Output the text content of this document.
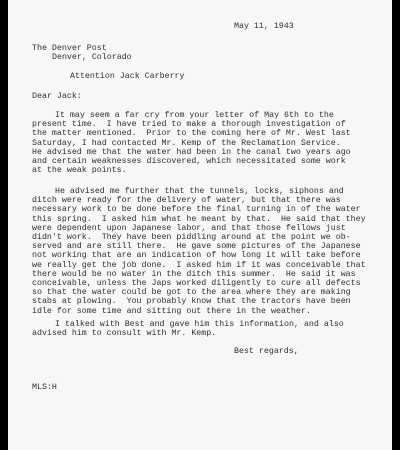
May 11, 1943

The Denver Post
Denver, Colorado

Attention Jack Carberry

Dear Jack:

It may seem a far cry from your letter of May 6th to the
present time.  I have tried to make a thorough investigation of
the matter mentioned.  Prior to the coming here of Mr. West last
Saturday, I had contacted Mr. Kemp of the Reclamation Service.
He advised me that the water had been in the canal two years ago
and certain weaknesses discovered, which necessitated some work
at the weak points.
He advised me further that the tunnels, locks, siphons and
ditch were ready for the delivery of water, but that there was
necessary work to be done before the final turning in of the water
this spring.  I asked him what he meant by that.  He said that they
were dependent upon Japanese labor, and that those fellows just
didn't work.  They have been piddling around at the point we ob-
served and are still there.  He gave some pictures of the Japanese
not working that are an indication of how long it will take before
we really get the job done.  I asked him if it was conceivable that
there would be no water in the ditch this summer.  He said it was
conceivable, unless the Japs worked diligently to cure all defects
so that the water could be got to the area where they are making
stabs at plowing.  You probably know that the tractors have been
idle for some time and sitting out there in the weather.
I talked with Best and gave him this information, and also
advised him to consult with Mr. Kemp.

Best regards,

MLS:H
